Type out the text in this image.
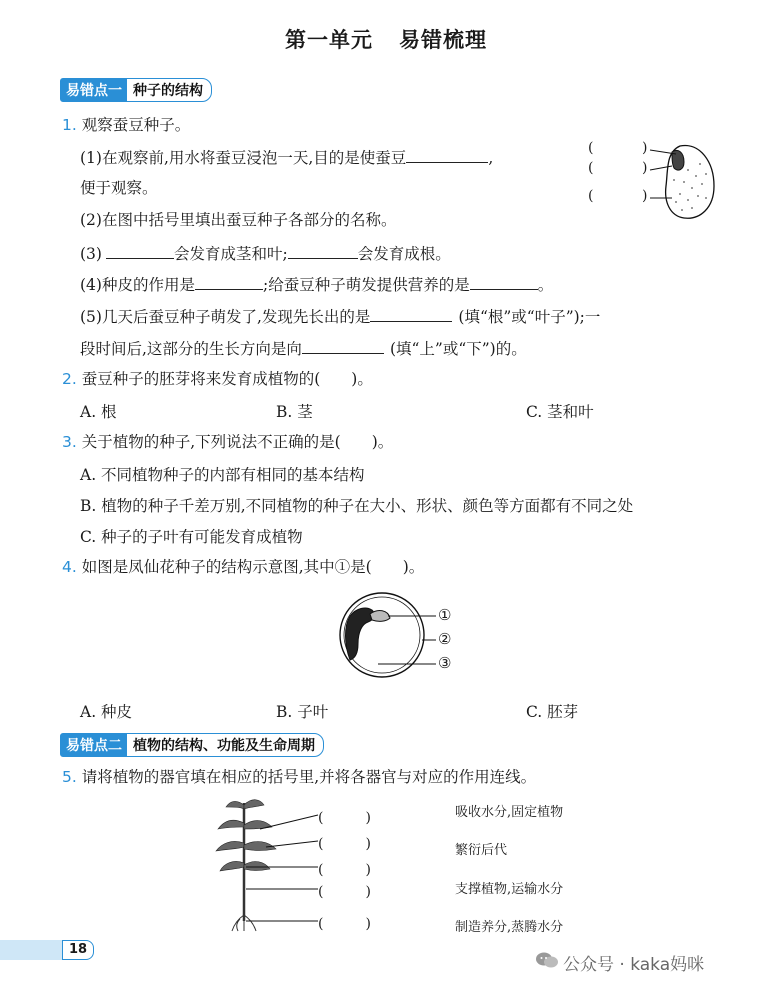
第一单元 易错梳理
易错点一 种子的结构
1. 观察蚕豆种子。
(1)在观察前,用水将蚕豆浸泡一天,目的是使蚕豆	,
便于观察。
(	)
(	)
(	)
(2)在图中括号里填出蚕豆种子各部分的名称。
(3)	会发育成茎和叶;	会发育成根。
(4)种皮的作用是	;给蚕豆种子萌发提供营养的是	。
(5)几天后蚕豆种子萌发了,发现先长出的是	(填“根”或“叶子”);一
段时间后,这部分的生长方向是向	(填“上”或“下”)的。
2. 蚕豆种子的胚芽将来发育成植物的(　　)。
A. 根	B. 茎	C. 茎和叶
3. 关于植物的种子,下列说法不正确的是(　　)。
A. 不同植物种子的内部有相同的基本结构
B. 植物的种子千差万别,不同植物的种子在大小、形状、颜色等方面都有不同之处
C. 种子的子叶有可能发育成植物
4. 如图是凤仙花种子的结构示意图,其中①是(　　)。
①
②
③
A. 种皮	B. 子叶	C. 胚芽
易错点二 植物的结构、功能及生命周期
5. 请将植物的器官填在相应的括号里,并将各器官与对应的作用连线。
(　　　)
(　　　)
(　　　)
(　　　)
(　　　)
吸收水分,固定植物
繁衍后代
支撑植物,运输水分
制造养分,蒸腾水分
18
公众号 · kaka妈咪
